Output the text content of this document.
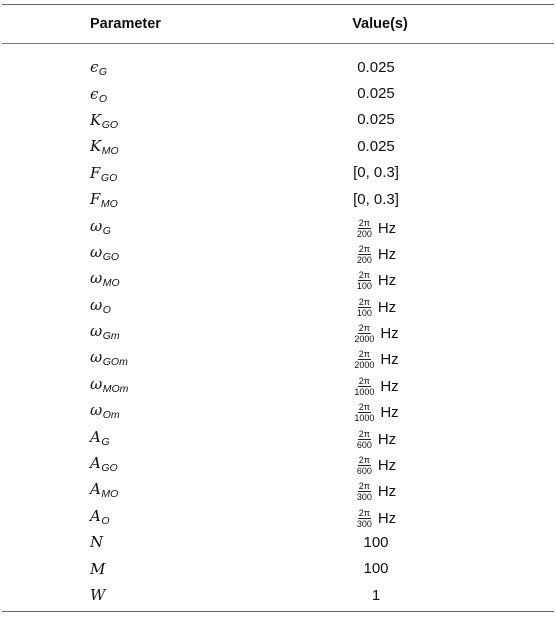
Parameter	Value(s)
$\epsilon_G$	0.025
$\epsilon_O$	0.025
$K_{GO}$	0.025
$K_{MO}$	0.025
$F_{GO}$	[0, 0.3]
$F_{MO}$	[0, 0.3]
$\omega_G$	$\frac{2\pi}{200}$ Hz
$\omega_{GO}$	$\frac{2\pi}{200}$ Hz
$\omega_{MO}$	$\frac{2\pi}{100}$ Hz
$\omega_O$	$\frac{2\pi}{100}$ Hz
$\omega_{Gm}$	$\frac{2\pi}{2000}$ Hz
$\omega_{GOm}$	$\frac{2\pi}{2000}$ Hz
$\omega_{MOm}$	$\frac{2\pi}{1000}$ Hz
$\omega_{Om}$	$\frac{2\pi}{1000}$ Hz
$A_G$	$\frac{2\pi}{600}$ Hz
$A_{GO}$	$\frac{2\pi}{600}$ Hz
$A_{MO}$	$\frac{2\pi}{300}$ Hz
$A_O$	$\frac{2\pi}{300}$ Hz
N	100
M	100
W	1
